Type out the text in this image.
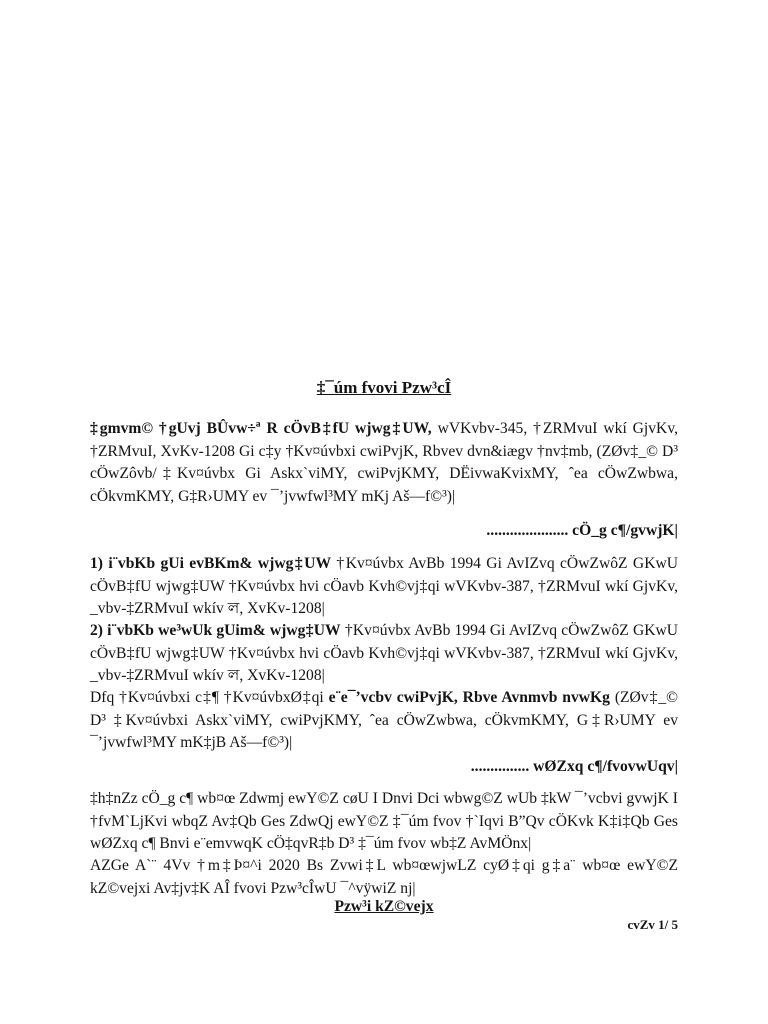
‡¯úm fvovi Pzw³cÎ
‡gmvm© †gUvj BÛvw÷ª R cÖvB‡fU wjwg‡UW, wVKvbv-345, †ZRMvuI wkí GjvKv, †ZRMvuI, XvKv-1208 Gi c‡y †Kv¤úvbxi cwiPvjK, Rbvev dvn&iægv †nv‡mb, (ZØv‡_© D³ cÖwZôvb/‡Kv¤úvbx Gi Askx`viMY, cwiPvjKMY, DËivwaKvixMY, ˆea cÖwZwbwa, cÖkvmKMY, G‡R›UMY ev ¯’jvwfwl³MY mKj Aš—f©³)|
..................... cÖ_g c¶/gvwjK|
1) i¨vbKb gUi evBKm& wjwg‡UW †Kv¤úvbx AvBb 1994 Gi AvIZvq cÖwZwôZ GKwU cÖvB‡fU wjwg‡UW †Kv¤úvbx hvi cÖavb Kvh©vj‡qi wVKvbv-387, †ZRMvuI wkí GjvKv, _vbv-‡ZRMvuI wkív ল, XvKv-1208|
2) i¨vbKb we³wUk gUim& wjwg‡UW †Kv¤úvbx AvBb 1994 Gi AvIZvq cÖwZwôZ GKwU cÖvB‡fU wjwg‡UW †Kv¤úvbx hvi cÖavb Kvh©vj‡qi wVKvbv-387, †ZRMvuI wkí GjvKv, _vbv-‡ZRMvuI wkív ল, XvKv-1208|
Dfq †Kv¤úvbxi c‡¶ †Kv¤úvbxØ‡qi e¨e¯’vcbv cwiPvjK, Rbve Avnmvb nvwKg (ZØv‡_© D³ ‡Kv¤úvbxi Askx`viMY, cwiPvjKMY, ˆea cÖwZwbwa, cÖkvmKMY, G‡R›UMY ev ¯’jvwfwl³MY mK‡jB Aš—f©³)|
............... wØZxq c¶/fvovwUqv|
‡h‡nZz cÖ_g c¶ wb¤œ Zdwmj ewY©Z cøU I Dnvi Dci wbwg©Z wUb ‡kW ¯’vcbvi gvwjK I †fvM`LjKvi wbqZ Av‡Qb Ges ZdwQj ewY©Z ‡¯úm fvov †`Iqvi B”Qv cÖKvk K‡i‡Qb Ges wØZxq c¶ Bnvi e¨emvwqK cÖ‡qvR‡b D³ ‡¯úm fvov wb‡Z AvMÖnx|
AZGe A`¨ 4Vv †m‡Þ¤^i 2020 Bs Zvwi‡L wb¤œwjwLZ cyØ‡qi g‡a¨ wb¤œ ewY©Z kZ©vejxi Av‡jv‡K AÎ fvovi Pzw³cÎwU ¯^vÿwiZ nj|
Pzw³i kZ©vejx
cvZv 1/ 5
